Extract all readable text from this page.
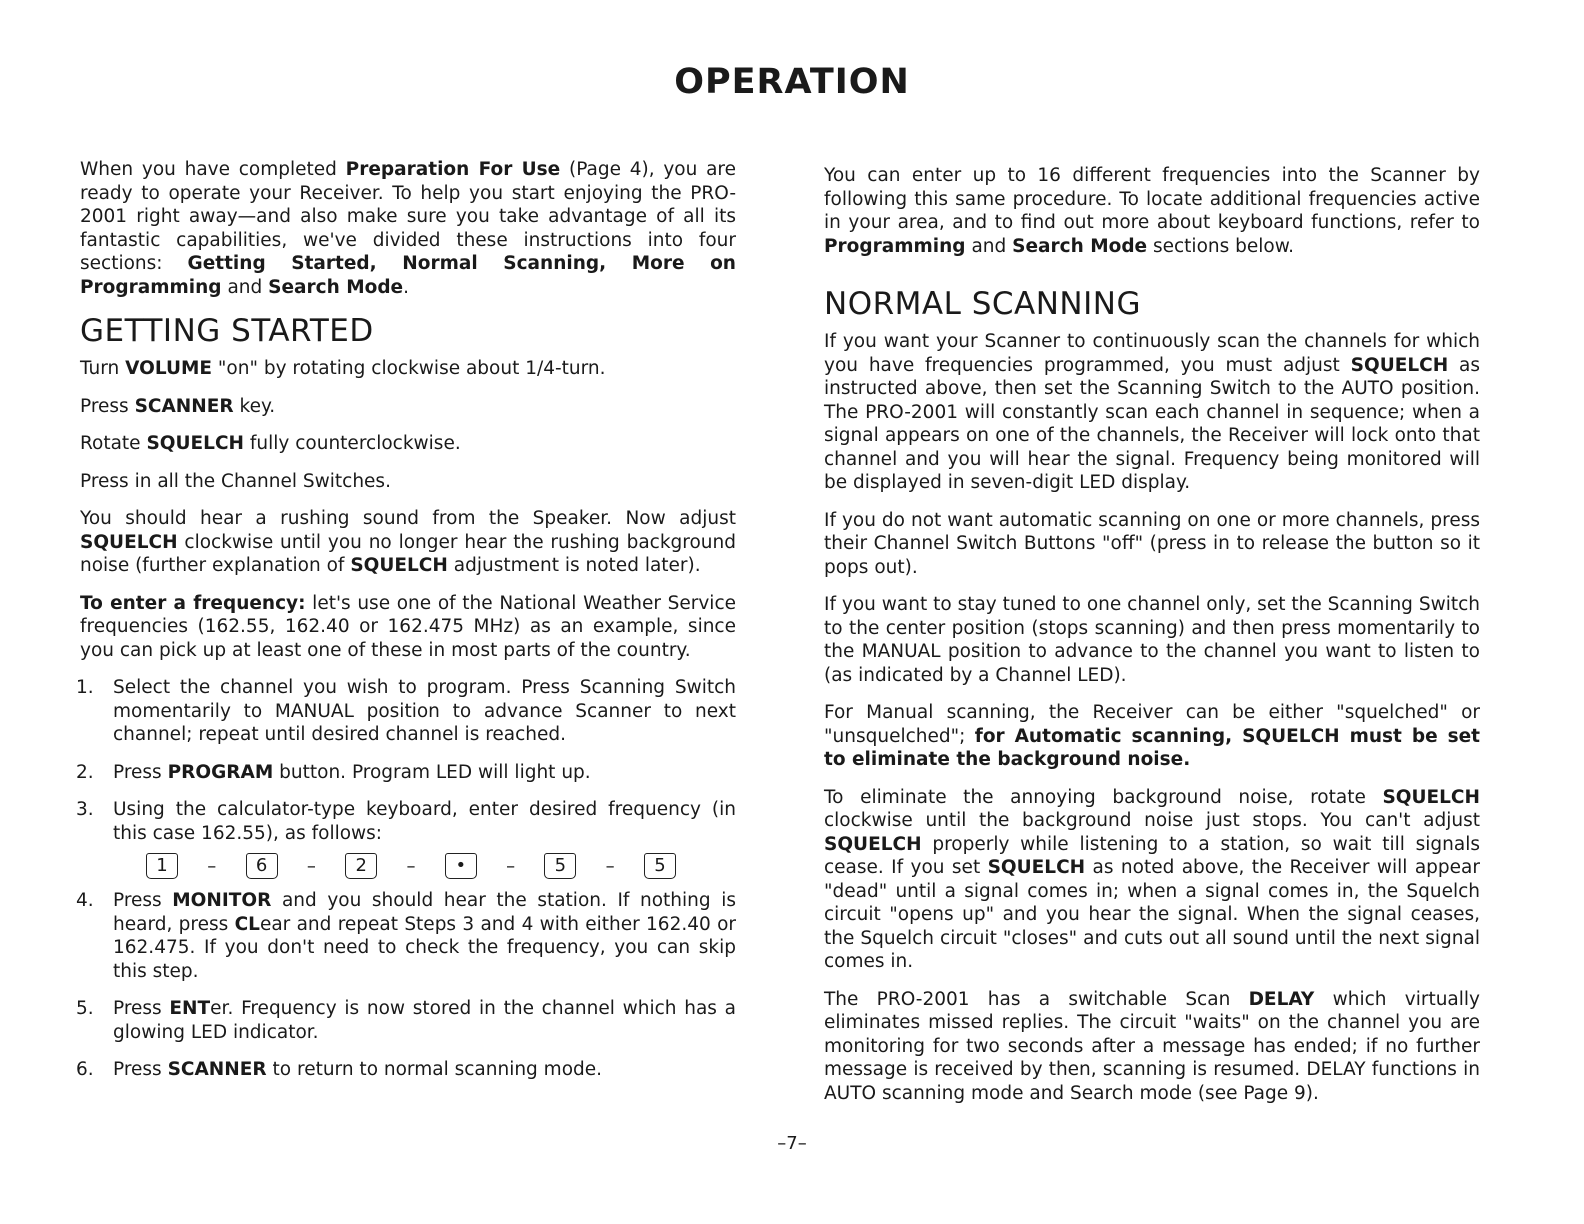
OPERATION

When you have completed Preparation For Use (Page 4), you are ready to operate your Receiver. To help you start enjoying the PRO-2001 right away—and also make sure you take advantage of all its fantastic capabilities, we've divided these instructions into four sections: Getting Started, Normal Scanning, More on Programming and Search Mode.

GETTING STARTED

Turn VOLUME "on" by rotating clockwise about 1/4-turn.

Press SCANNER key.

Rotate SQUELCH fully counterclockwise.

Press in all the Channel Switches.

You should hear a rushing sound from the Speaker. Now adjust SQUELCH clockwise until you no longer hear the rushing background noise (further explanation of SQUELCH adjustment is noted later).

To enter a frequency: let's use one of the National Weather Service frequencies (162.55, 162.40 or 162.475 MHz) as an example, since you can pick up at least one of these in most parts of the country.

1. Select the channel you wish to program. Press Scanning Switch momentarily to MANUAL position to advance Scanner to next channel; repeat until desired channel is reached.
2. Press PROGRAM button. Program LED will light up.
3. Using the calculator-type keyboard, enter desired frequency (in this case 162.55), as follows:
1	–	6	–	2	–	•	–	5	–	5
4. Press MONITOR and you should hear the station. If nothing is heard, press CLear and repeat Steps 3 and 4 with either 162.40 or 162.475. If you don't need to check the frequency, you can skip this step.
5. Press ENTer. Frequency is now stored in the channel which has a glowing LED indicator.
6. Press SCANNER to return to normal scanning mode.

You can enter up to 16 different frequencies into the Scanner by following this same procedure. To locate additional frequencies active in your area, and to find out more about keyboard functions, refer to Programming and Search Mode sections below.

NORMAL SCANNING

If you want your Scanner to continuously scan the channels for which you have frequencies programmed, you must adjust SQUELCH as instructed above, then set the Scanning Switch to the AUTO position. The PRO-2001 will constantly scan each channel in sequence; when a signal appears on one of the channels, the Receiver will lock onto that channel and you will hear the signal. Frequency being monitored will be displayed in seven-digit LED display.

If you do not want automatic scanning on one or more channels, press their Channel Switch Buttons "off" (press in to release the button so it pops out).

If you want to stay tuned to one channel only, set the Scanning Switch to the center position (stops scanning) and then press momentarily to the MANUAL position to advance to the channel you want to listen to (as indicated by a Channel LED).

For Manual scanning, the Receiver can be either "squelched" or "unsquelched"; for Automatic scanning, SQUELCH must be set to eliminate the background noise.

To eliminate the annoying background noise, rotate SQUELCH clockwise until the background noise just stops. You can't adjust SQUELCH properly while listening to a station, so wait till signals cease. If you set SQUELCH as noted above, the Receiver will appear "dead" until a signal comes in; when a signal comes in, the Squelch circuit "opens up" and you hear the signal. When the signal ceases, the Squelch circuit "closes" and cuts out all sound until the next signal comes in.

The PRO-2001 has a switchable Scan DELAY which virtually eliminates missed replies. The circuit "waits" on the channel you are monitoring for two seconds after a message has ended; if no further message is received by then, scanning is resumed. DELAY functions in AUTO scanning mode and Search mode (see Page 9).

–7–
